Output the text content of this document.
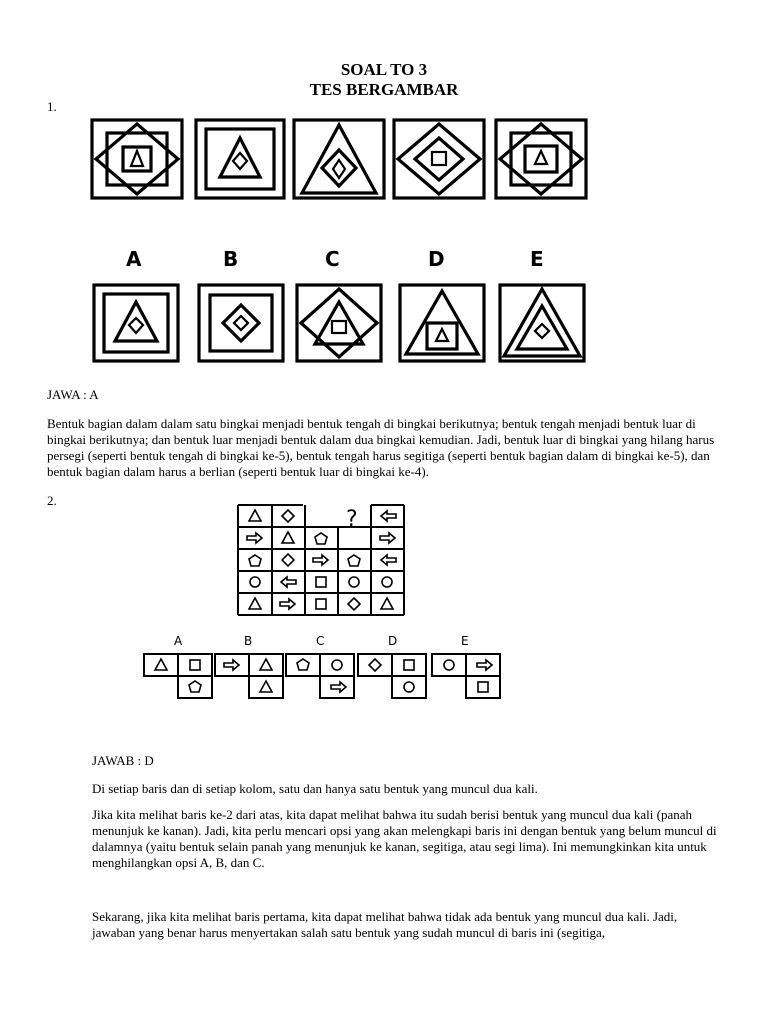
SOAL TO 3
TES BERGAMBAR
1.
A	B	C	D	E
JAWA : A
Bentuk bagian dalam dalam satu bingkai menjadi bentuk tengah di bingkai berikutnya; bentuk tengah menjadi bentuk luar di bingkai berikutnya; dan bentuk luar menjadi bentuk dalam dua bingkai kemudian. Jadi, bentuk luar di bingkai yang hilang harus persegi (seperti bentuk tengah di bingkai ke-5), bentuk tengah harus segitiga (seperti bentuk bagian dalam di bingkai ke-5), dan bentuk bagian dalam harus a berlian (seperti bentuk luar di bingkai ke-4).
2.
?
A	B	C	D	E
JAWAB : D
Di setiap baris dan di setiap kolom, satu dan hanya satu bentuk yang muncul dua kali.
Jika kita melihat baris ke-2 dari atas, kita dapat melihat bahwa itu sudah berisi bentuk yang muncul dua kali (panah menunjuk ke kanan). Jadi, kita perlu mencari opsi yang akan melengkapi baris ini dengan bentuk yang belum muncul di dalamnya (yaitu bentuk selain panah yang menunjuk ke kanan, segitiga, atau segi lima). Ini memungkinkan kita untuk menghilangkan opsi A, B, dan C.
Sekarang, jika kita melihat baris pertama, kita dapat melihat bahwa tidak ada bentuk yang muncul dua kali. Jadi, jawaban yang benar harus menyertakan salah satu bentuk yang sudah muncul di baris ini (segitiga,
